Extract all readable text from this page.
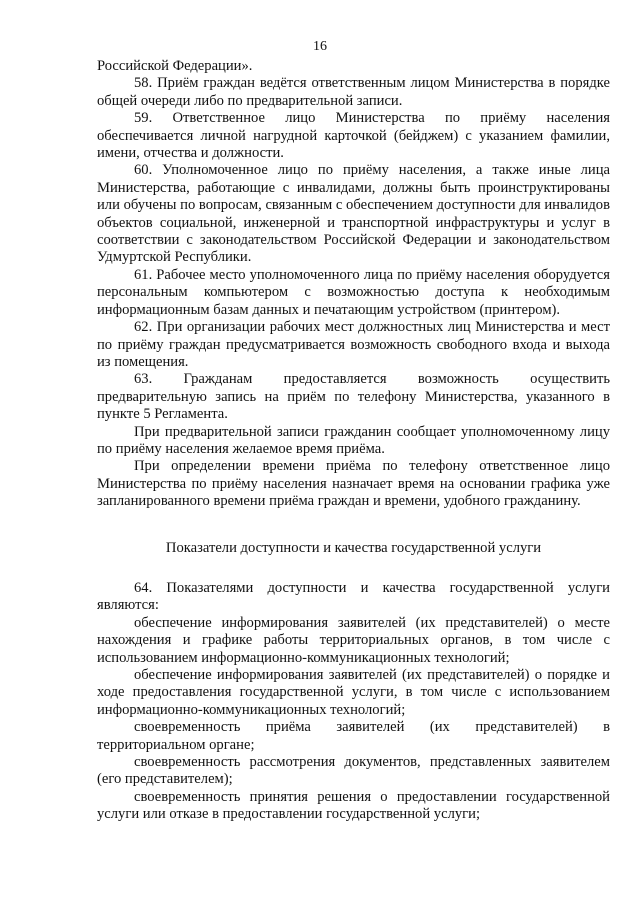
16

Российской Федерации».

58. Приём граждан ведётся ответственным лицом Министерства в порядке общей очереди либо по предварительной записи.

59. Ответственное лицо Министерства по приёму населения обеспечивается личной нагрудной карточкой (бейджем) с указанием фамилии, имени, отчества и должности.

60. Уполномоченное лицо по приёму населения, а также иные лица Министерства, работающие с инвалидами, должны быть проинструктированы или обучены по вопросам, связанным с обеспечением доступности для инвалидов объектов социальной, инженерной и транспортной инфраструктуры и услуг в соответствии с законодательством Российской Федерации и законодательством Удмуртской Республики.

61. Рабочее место уполномоченного лица по приёму населения оборудуется персональным компьютером с возможностью доступа к необходимым информационным базам данных и печатающим устройством (принтером).

62. При организации рабочих мест должностных лиц Министерства и мест по приёму граждан предусматривается возможность свободного входа и выхода из помещения.

63. Гражданам предоставляется возможность осуществить предварительную запись на приём по телефону Министерства, указанного в пункте 5 Регламента.

При предварительной записи гражданин сообщает уполномоченному лицу по приёму населения желаемое время приёма.

При определении времени приёма по телефону ответственное лицо Министерства по приёму населения назначает время на основании графика уже запланированного времени приёма граждан и времени, удобного гражданину.

Показатели доступности и качества государственной услуги

64. Показателями доступности и качества государственной услуги являются:

обеспечение информирования заявителей (их представителей) о месте нахождения и графике работы территориальных органов, в том числе с использованием информационно-коммуникационных технологий;

обеспечение информирования заявителей (их представителей) о порядке и ходе предоставления государственной услуги, в том числе с использованием информационно-коммуникационных технологий;

своевременность приёма заявителей (их представителей) в территориальном органе;

своевременность рассмотрения документов, представленных заявителем (его представителем);

своевременность принятия решения о предоставлении государственной услуги или отказе в предоставлении государственной услуги;
